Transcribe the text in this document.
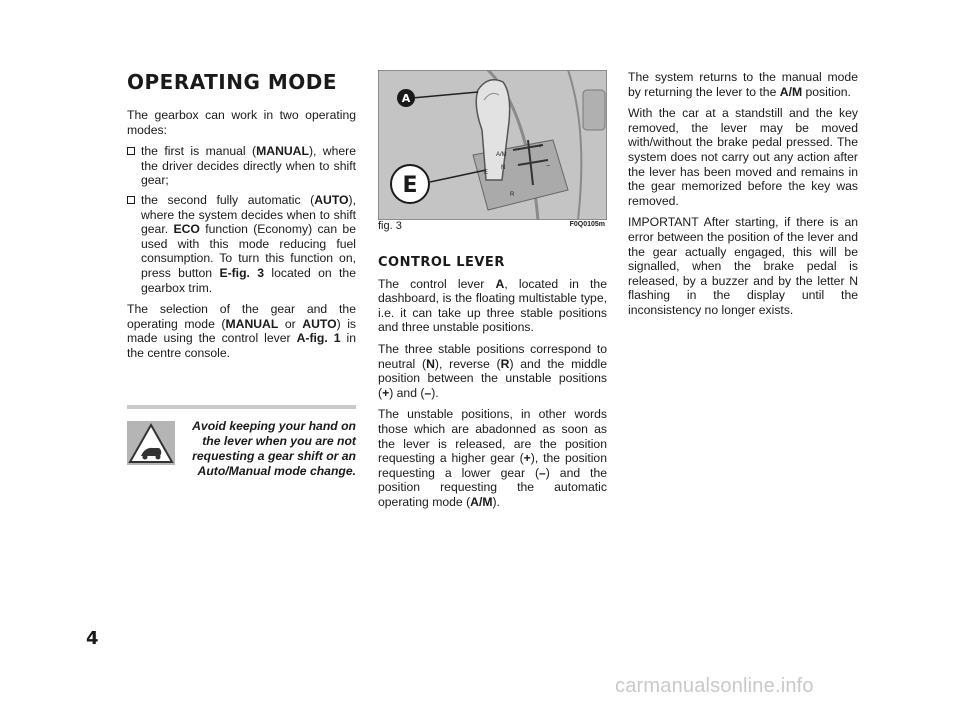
OPERATING MODE

The gearbox can work in two operating modes:

the first is manual (MANUAL), where the driver decides directly when to shift gear;
the second fully automatic (AUTO), where the system decides when to shift gear. ECO function (Economy) can be used with this mode reducing fuel consumption. To turn this function on, press button E-fig. 3 located on the gearbox trim.

The selection of the gear and the operating mode (MANUAL or AUTO) is made using the control lever A-fig. 1 in the centre console.

Avoid keeping your hand on the lever when you are not requesting a gear shift or an Auto/Manual mode change.
A/M
+
N
R
−
E
A
E
fig. 3	F0Q0105m
CONTROL LEVER

The control lever A, located in the dashboard, is the floating multistable type, i.e. it can take up three stable positions and three unstable positions.

The three stable positions correspond to neutral (N), reverse (R) and the middle position between the unstable positions (+) and (–).

The unstable positions, in other words those which are abadonned as soon as the lever is released, are the position requesting a higher gear (+), the position requesting a lower gear (–) and the position requesting the automatic operating mode (A/M).

The system returns to the manual mode by returning the lever to the A/M position.

With the car at a standstill and the key removed, the lever may be moved with/without the brake pedal pressed. The system does not carry out any action after the lever has been moved and remains in the gear memorized before the key was removed.

IMPORTANT After starting, if there is an error between the position of the lever and the gear actually engaged, this will be signalled, when the brake pedal is released, by a buzzer and by the letter N flashing in the display until the inconsistency no longer exists.

4
carmanualsonline.info
